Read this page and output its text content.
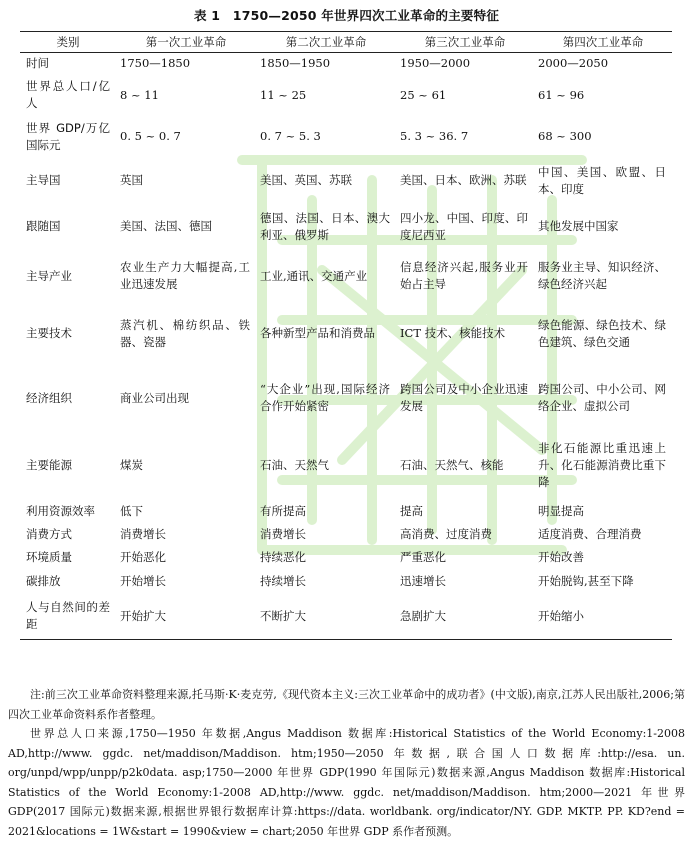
表 1　1750—2050 年世界四次工业革命的主要特征
类别	第一次工业革命	第二次工业革命	第三次工业革命	第四次工业革命
时间	1750—1850	1850—1950	1950—2000	2000—2050
世界总人口/亿人	8 ~ 11	11 ~ 25	25 ~ 61	61 ~ 96
世界 GDP/万亿国际元	0. 5 ~ 0. 7	0. 7 ~ 5. 3	5. 3 ~ 36. 7	68 ~ 300
主导国	英国	美国、英国、苏联	美国、日本、欧洲、苏联	中国、美国、欧盟、日本、印度
跟随国	美国、法国、德国	德国、法国、日本、澳大利亚、俄罗斯	四小龙、中国、印度、印度尼西亚	其他发展中国家
主导产业	农业生产力大幅提高,工业迅速发展	工业,通讯、交通产业	信息经济兴起,服务业开始占主导	服务业主导、知识经济、绿色经济兴起
主要技术	蒸汽机、棉纺织品、铁器、瓷器	各种新型产品和消费品	ICT 技术、核能技术	绿色能源、绿色技术、绿色建筑、绿色交通
经济组织	商业公司出现	“大企业”出现,国际经济合作开始紧密	跨国公司及中小企业迅速发展	跨国公司、中小公司、网络企业、虚拟公司
主要能源	煤炭	石油、天然气	石油、天然气、核能	非化石能源比重迅速上升、化石能源消费比重下降
利用资源效率	低下	有所提高	提高	明显提高
消费方式	消费增长	消费增长	高消费、过度消费	适度消费、合理消费
环境质量	开始恶化	持续恶化	严重恶化	开始改善
碳排放	开始增长	持续增长	迅速增长	开始脱钩,甚至下降
人与自然间的差距	开始扩大	不断扩大	急剧扩大	开始缩小

注:前三次工业革命资料整理来源,托马斯·K·麦克劳,《现代资本主义:三次工业革命中的成功者》(中文版),南京,江苏人民出版社,2006;第四次工业革命资料系作者整理。

世界总人口来源,1750—1950 年数据,Angus Maddison 数据库:Historical Statistics of the World Economy:1-2008 AD,http://www. ggdc. net/maddison/Maddison. htm;1950—2050 年数据,联合国人口数据库:http://esa. un. org/unpd/wpp/unpp/p2k0data. asp;1750—2000 年世界 GDP(1990 年国际元)数据来源,Angus Maddison 数据库:Historical Statistics of the World Economy:1-2008 AD,http://www. ggdc. net/maddison/Maddison. htm;2000—2021 年世界 GDP(2017 国际元)数据来源,根据世界银行数据库计算:https://data. worldbank. org/indicator/NY. GDP. MKTP. PP. KD?end = 2021&locations = 1W&start = 1990&view = chart;2050 年世界 GDP 系作者预测。
